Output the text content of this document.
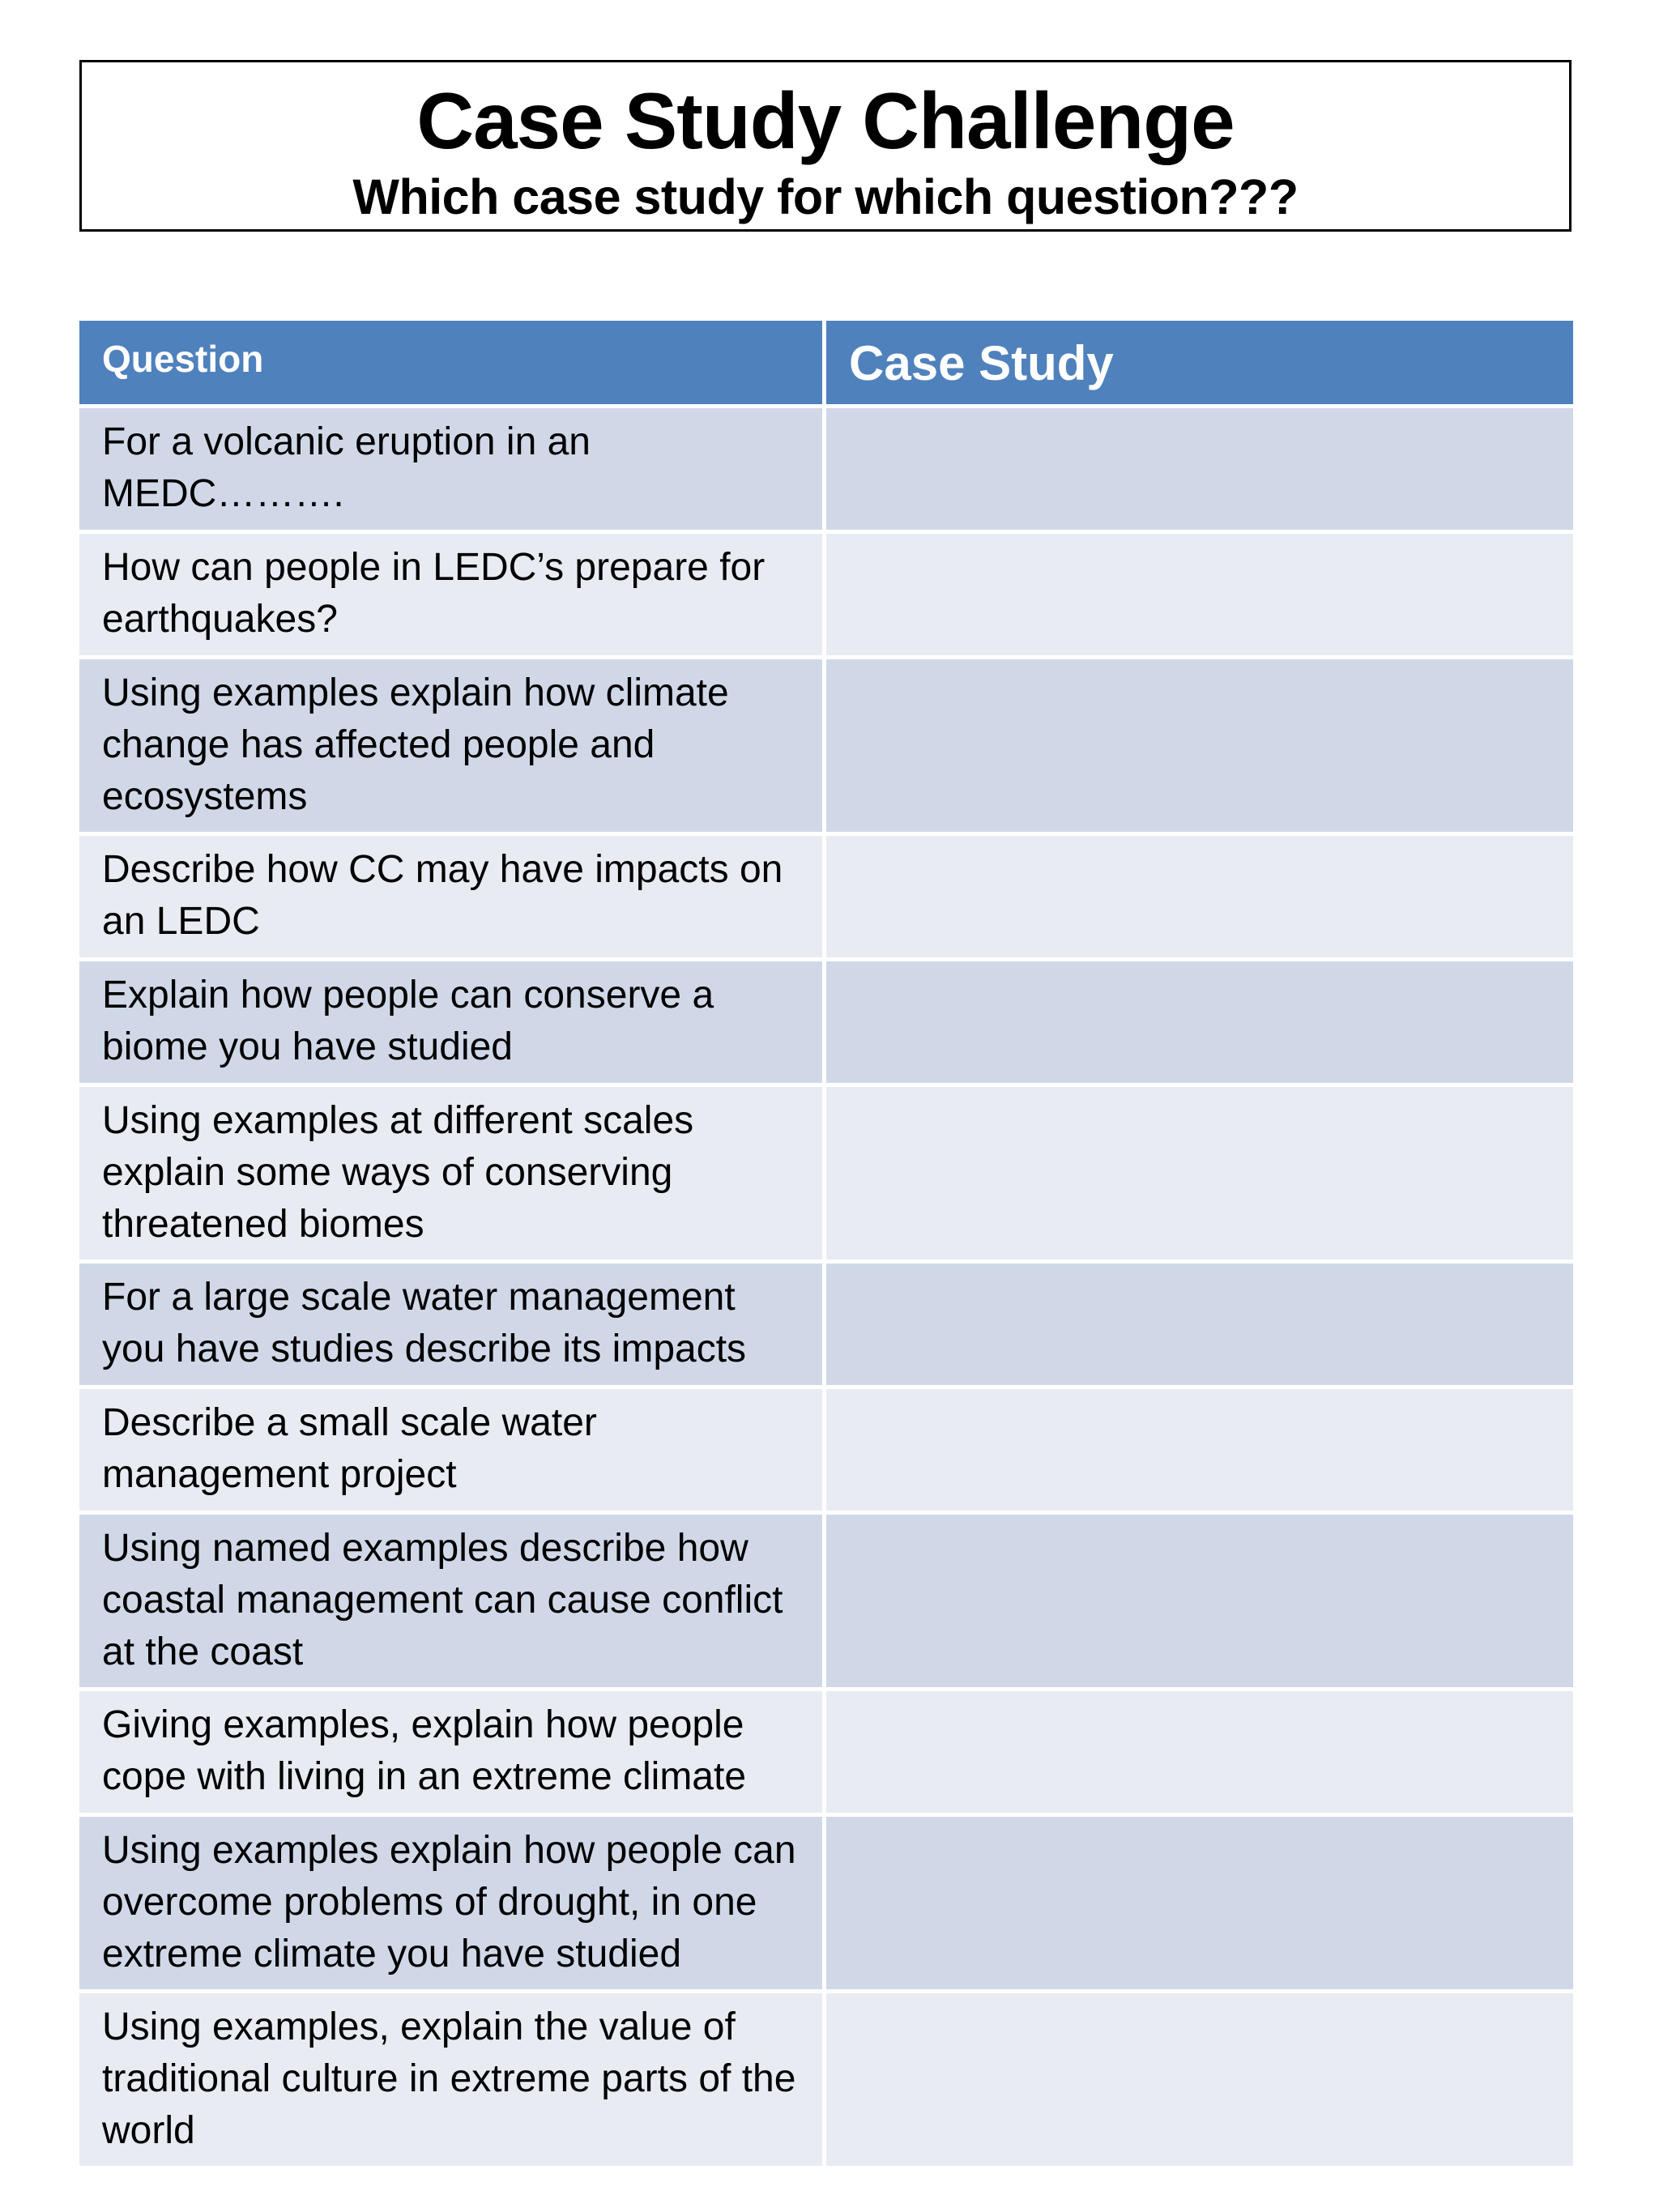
Case Study Challenge
Which case study for which question???
Question	Case Study
For a volcanic eruption in an MEDC……….
How can people in LEDC’s prepare for earthquakes?
Using examples explain how climate change has affected people and ecosystems
Describe how CC may have impacts on an LEDC
Explain how people can conserve a biome you have studied
Using examples at different scales explain some ways of conserving threatened biomes
For a large scale water management you have studies describe its impacts
Describe a small scale water management project
Using named examples describe how coastal management can cause conflict at the coast
Giving examples, explain how people cope with living in an extreme climate
Using examples explain how people can overcome problems of drought, in one extreme climate you have studied
Using examples, explain the value of traditional culture in extreme parts of the world
